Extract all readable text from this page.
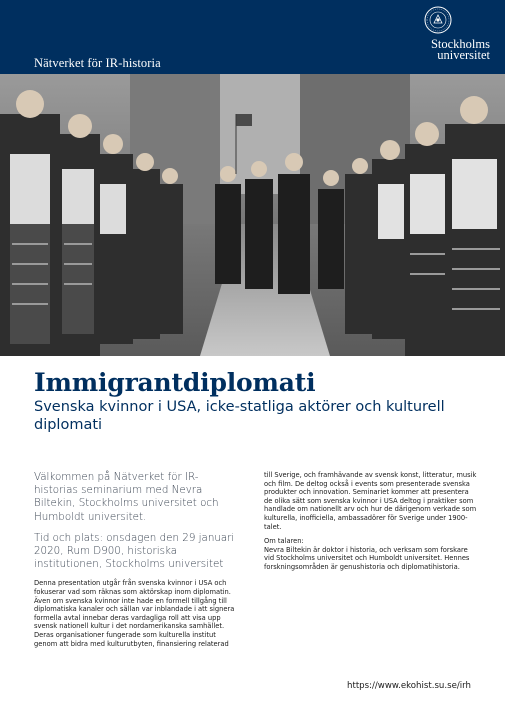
Nätverket för IR-historia
Stockholms
universitet
Immigrantdiplomati
Svenska kvinnor i USA, icke-statliga aktörer och kulturell diplomati

Välkommen på Nätverket för IR-historias seminarium med Nevra Biltekin, Stockholms universitet och Humboldt universitet.

Tid och plats: onsdagen den 29 januari 2020, Rum D900, historiska institutionen, Stockholms universitet

Denna presentation utgår från svenska kvinnor i USA och fokuserar vad som räknas som aktörskap inom diplomatin. Även om svenska kvinnor inte hade en formell tillgång till diplomatiska kanaler och sällan var inblandade i att signera formella avtal innebar deras vardagliga roll att visa upp svensk nationell kultur i det nordamerikanska samhället. Deras organisationer fungerade som kulturella institut genom att bidra med kulturutbyten, finansiering relaterad

till Sverige, och framhävande av svensk konst, litteratur, musik och film. De deltog också i events som presenterade svenska produkter och innovation. Seminariet kommer att presentera de olika sätt som svenska kvinnor i USA deltog i praktiker som handlade om nationellt arv och hur de därigenom verkade som kulturella, inofficiella, ambassadörer för Sverige under 1900-talet.

Om talaren:

Nevra Biltekin är doktor i historia, och verksam som forskare vid Stockholms universitet och Humboldt universitet. Hennes forskningsområden är genushistoria och diplomatihistoria.

https://www.ekohist.su.se/irh
